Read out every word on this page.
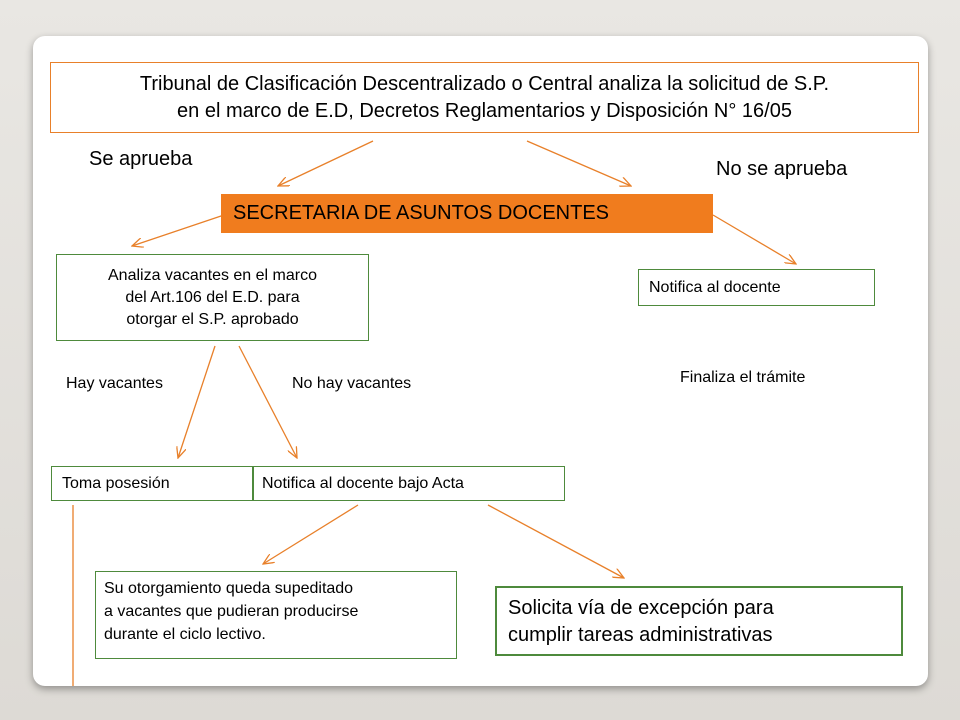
Tribunal de Clasificación Descentralizado o Central analiza la solicitud de S.P.
en el marco de E.D, Decretos Reglamentarios y Disposición N° 16/05
Se aprueba	No se aprueba
SECRETARIA DE ASUNTOS DOCENTES
Analiza vacantes en el marco
del Art.106 del E.D. para
otorgar el S.P. aprobado
Notifica al docente
Hay vacantes	No hay vacantes	Finaliza el trámite
Toma posesión	Notifica al docente bajo Acta
Su otorgamiento queda supeditado
a vacantes que pudieran producirse
durante el ciclo lectivo.
Solicita vía de excepción para
cumplir tareas administrativas
